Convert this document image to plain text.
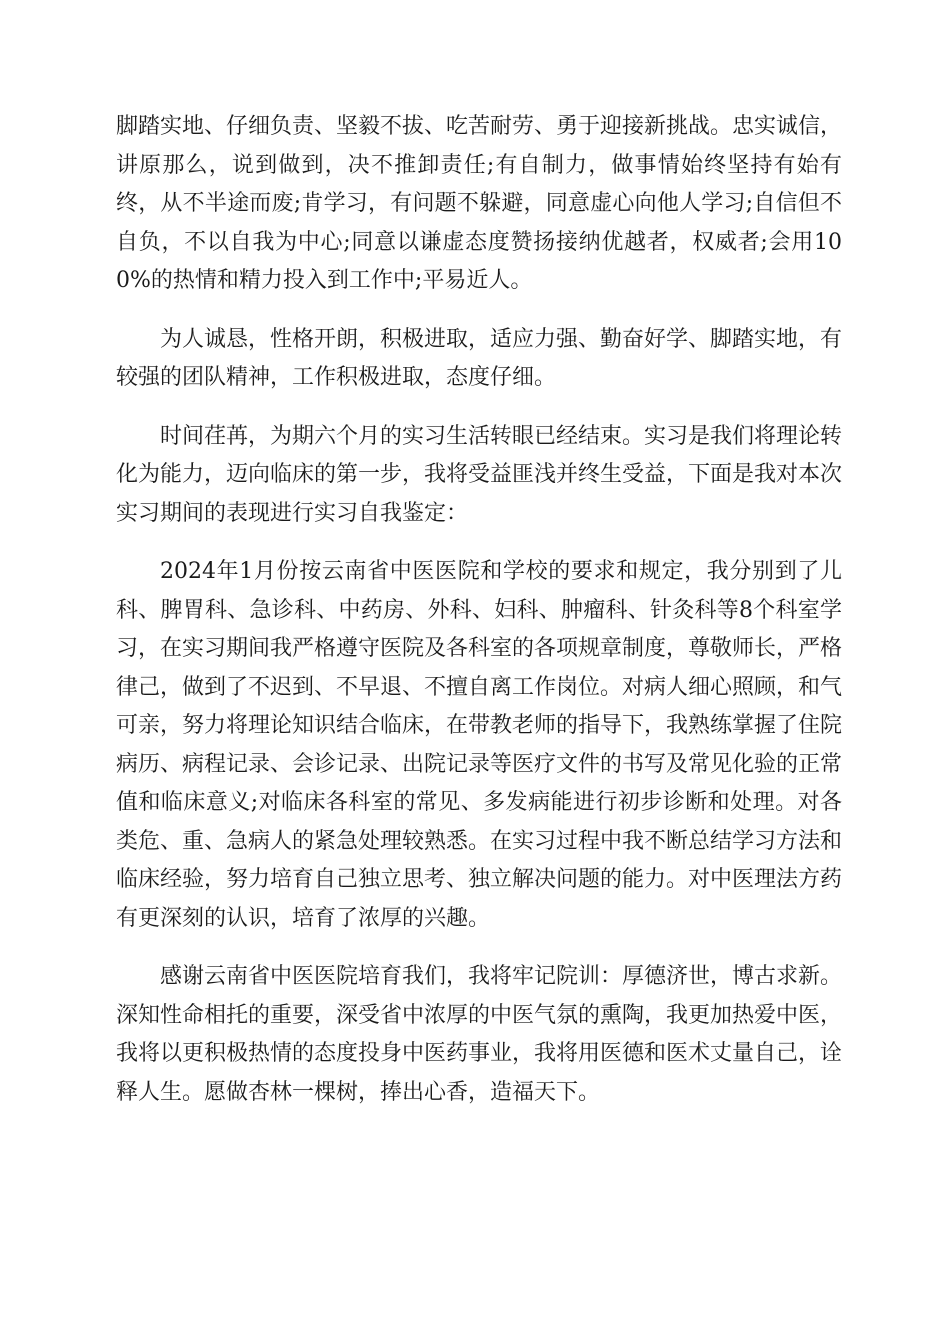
脚踏实地、仔细负责、坚毅不拔、吃苦耐劳、勇于迎接新挑战。忠实诚信，讲原那么，说到做到，决不推卸责任;有自制力，做事情始终坚持有始有终，从不半途而废;肯学习，有问题不躲避，同意虚心向他人学习;自信但不自负，不以自我为中心;同意以谦虚态度赞扬接纳优越者，权威者;会用100%的热情和精力投入到工作中;平易近人。

为人诚恳，性格开朗，积极进取，适应力强、勤奋好学、脚踏实地，有较强的团队精神，工作积极进取，态度仔细。

时间荏苒，为期六个月的实习生活转眼已经结束。实习是我们将理论转化为能力，迈向临床的第一步，我将受益匪浅并终生受益，下面是我对本次实习期间的表现进行实习自我鉴定：

2024年1月份按云南省中医医院和学校的要求和规定，我分别到了儿科、脾胃科、急诊科、中药房、外科、妇科、肿瘤科、针灸科等8个科室学习，在实习期间我严格遵守医院及各科室的各项规章制度，尊敬师长，严格律己，做到了不迟到、不早退、不擅自离工作岗位。对病人细心照顾，和气可亲，努力将理论知识结合临床，在带教老师的指导下，我熟练掌握了住院病历、病程记录、会诊记录、出院记录等医疗文件的书写及常见化验的正常值和临床意义;对临床各科室的常见、多发病能进行初步诊断和处理。对各类危、重、急病人的紧急处理较熟悉。在实习过程中我不断总结学习方法和临床经验，努力培育自己独立思考、独立解决问题的能力。对中医理法方药有更深刻的认识，培育了浓厚的兴趣。

感谢云南省中医医院培育我们，我将牢记院训：厚德济世，博古求新。深知性命相托的重要，深受省中浓厚的中医气氛的熏陶，我更加热爱中医，我将以更积极热情的态度投身中医药事业，我将用医德和医术丈量自己，诠释人生。愿做杏林一棵树，捧出心香，造福天下。
